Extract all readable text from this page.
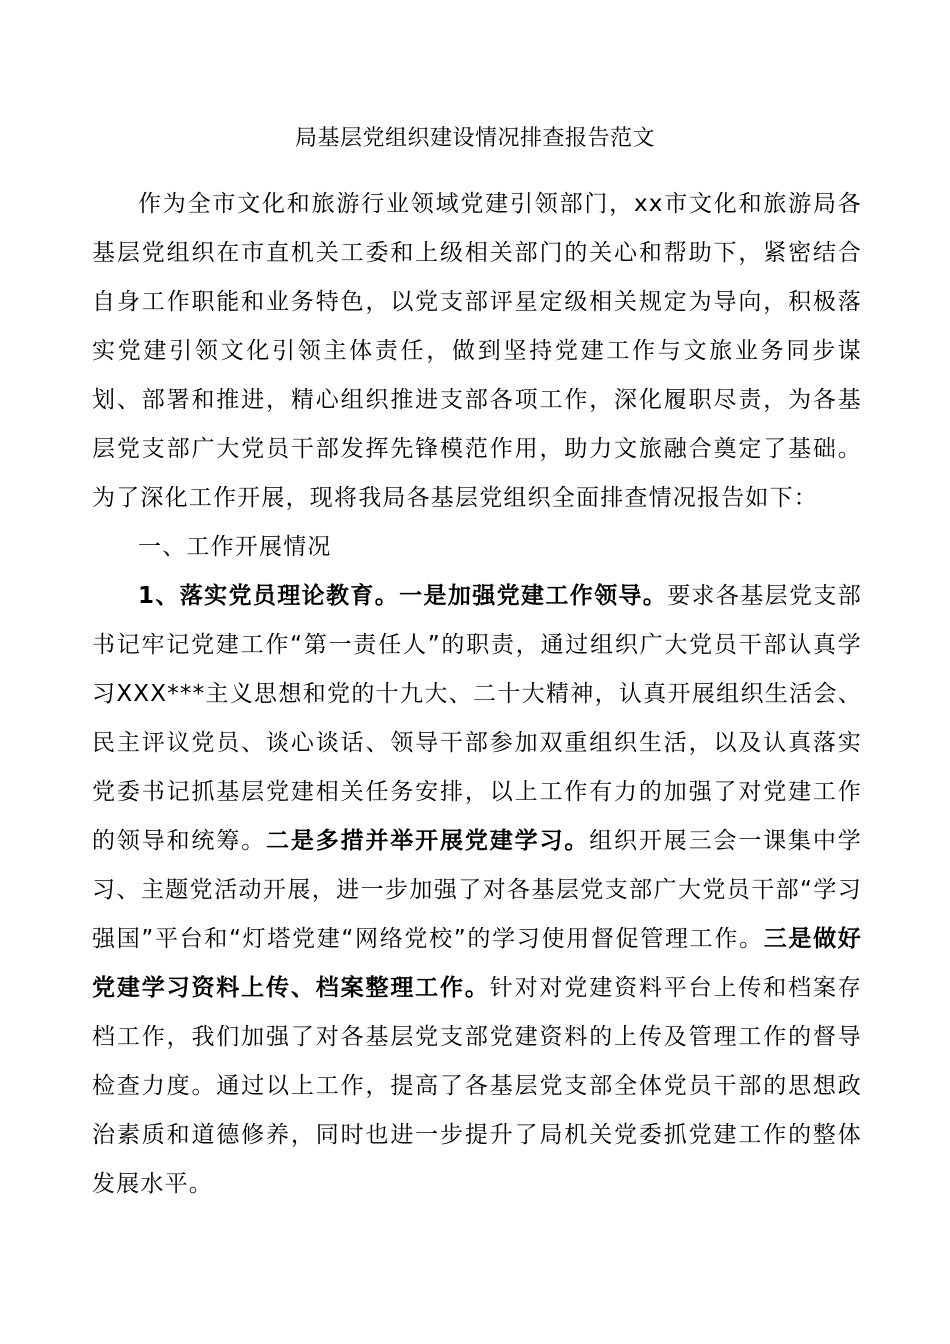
局基层党组织建设情况排查报告范文

作为全市文化和旅游行业领域党建引领部门，xx市文化和旅游局各基层党组织在市直机关工委和上级相关部门的关心和帮助下，紧密结合自身工作职能和业务特色，以党支部评星定级相关规定为导向，积极落实党建引领文化引领主体责任，做到坚持党建工作与文旅业务同步谋划、部署和推进，精心组织推进支部各项工作，深化履职尽责，为各基层党支部广大党员干部发挥先锋模范作用，助力文旅融合奠定了基础。为了深化工作开展，现将我局各基层党组织全面排查情况报告如下：

一、工作开展情况

1、落实党员理论教育。一是加强党建工作领导。要求各基层党支部书记牢记党建工作“第一责任人”的职责，通过组织广大党员干部认真学习XXX***主义思想和党的十九大、二十大精神，认真开展组织生活会、民主评议党员、谈心谈话、领导干部参加双重组织生活，以及认真落实党委书记抓基层党建相关任务安排，以上工作有力的加强了对党建工作的领导和统筹。二是多措并举开展党建学习。组织开展三会一课集中学习、主题党活动开展，进一步加强了对各基层党支部广大党员干部“学习强国”平台和“灯塔党建“网络党校”的学习使用督促管理工作。三是做好党建学习资料上传、档案整理工作。针对对党建资料平台上传和档案存档工作，我们加强了对各基层党支部党建资料的上传及管理工作的督导检查力度。通过以上工作，提高了各基层党支部全体党员干部的思想政治素质和道德修养，同时也进一步提升了局机关党委抓党建工作的整体发展水平。
